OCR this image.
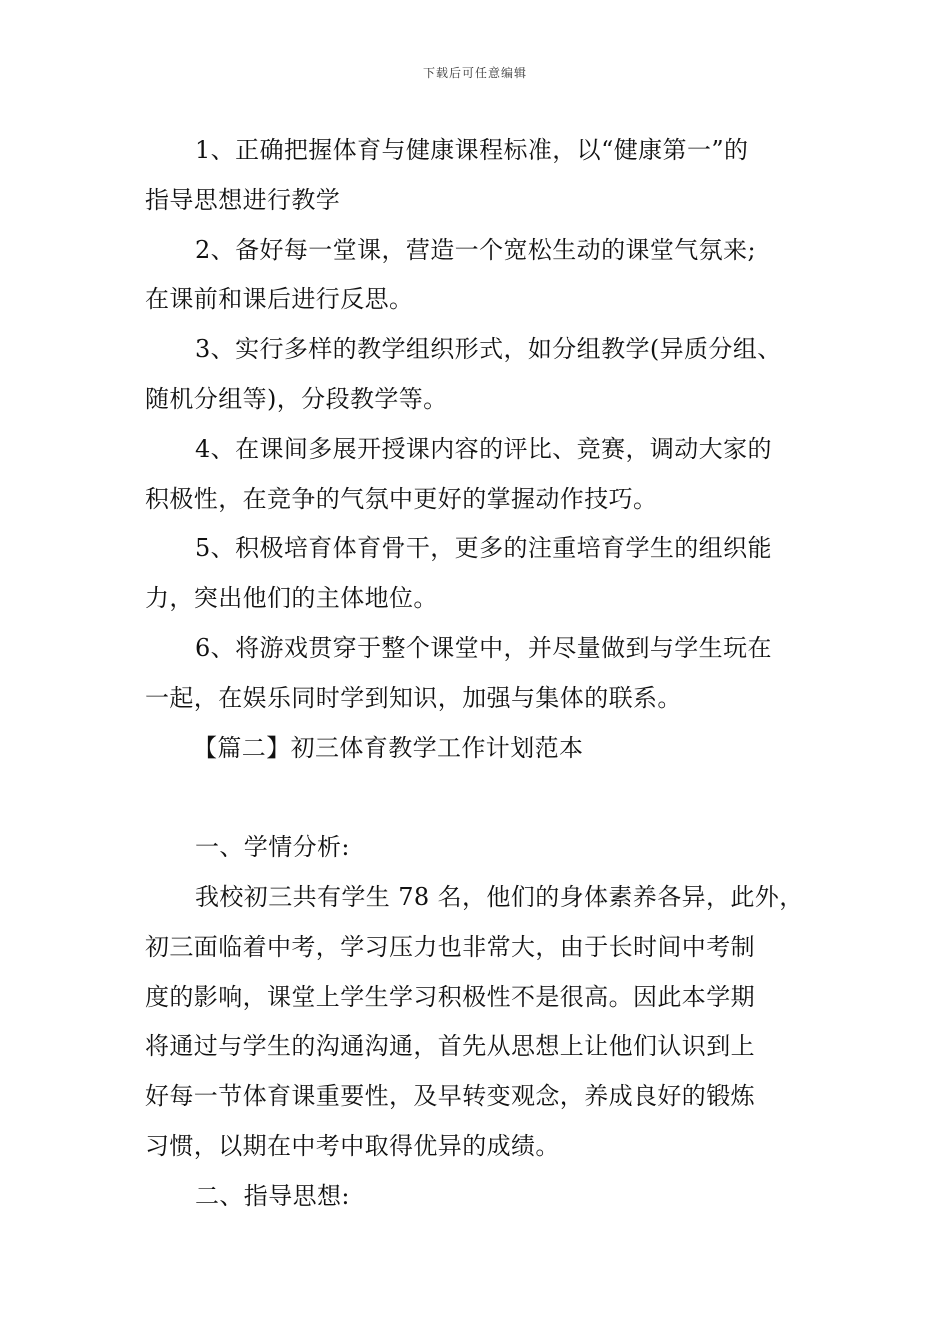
下载后可任意编辑

1、正确把握体育与健康课程标准，以“健康第一”的
指导思想进行教学

2、备好每一堂课，营造一个宽松生动的课堂气氛来;
在课前和课后进行反思。

3、实行多样的教学组织形式，如分组教学(异质分组、
随机分组等)，分段教学等。

4、在课间多展开授课内容的评比、竞赛，调动大家的
积极性，在竞争的气氛中更好的掌握动作技巧。

5、积极培育体育骨干，更多的注重培育学生的组织能
力，突出他们的主体地位。

6、将游戏贯穿于整个课堂中，并尽量做到与学生玩在
一起，在娱乐同时学到知识，加强与集体的联系。

【篇二】初三体育教学工作计划范本

一、学情分析:

我校初三共有学生 78 名，他们的身体素养各异，此外，
初三面临着中考，学习压力也非常大，由于长时间中考制
度的影响，课堂上学生学习积极性不是很高。因此本学期
将通过与学生的沟通沟通，首先从思想上让他们认识到上
好每一节体育课重要性，及早转变观念，养成良好的锻炼
习惯，以期在中考中取得优异的成绩。

二、指导思想:
